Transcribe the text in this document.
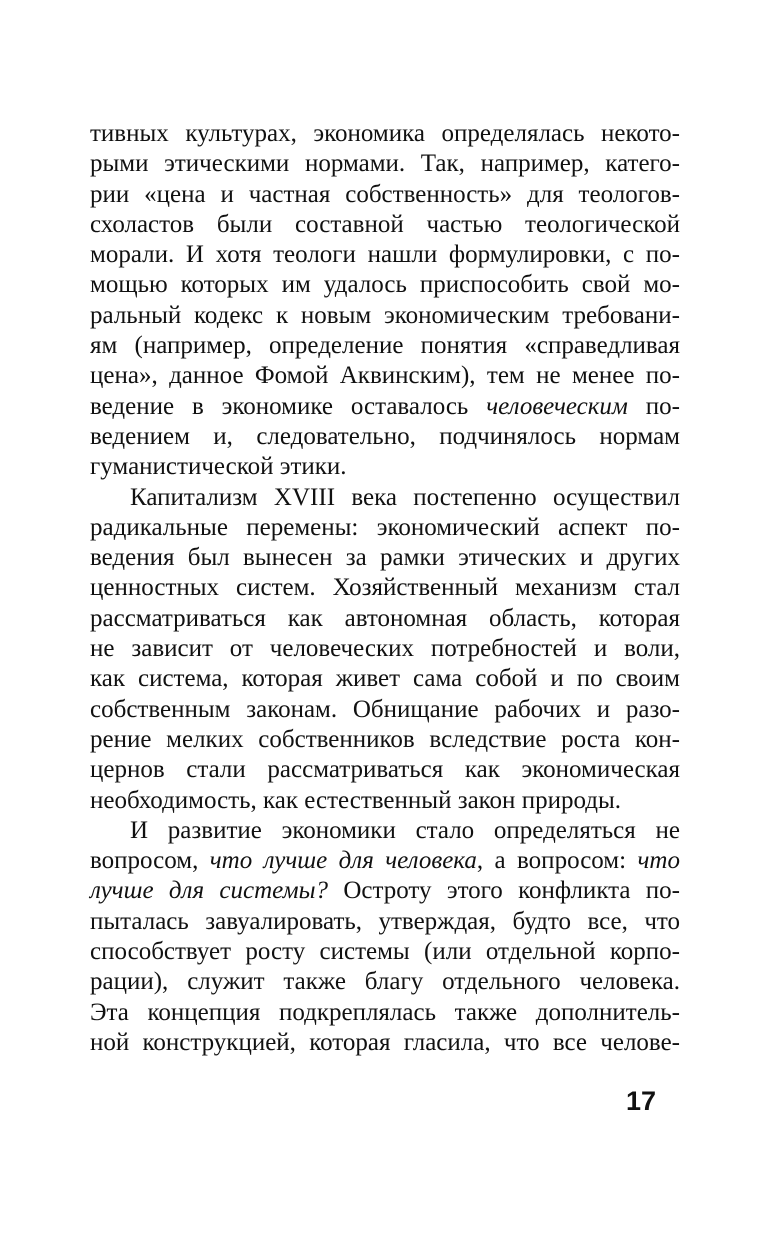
тивных культурах, экономика определялась некото-
рыми этическими нормами. Так, например, катего-
рии «цена и частная собственность» для теологов-
схоластов были составной частью теологической
морали. И хотя теологи нашли формулировки, с по-
мощью которых им удалось приспособить свой мо-
ральный кодекс к новым экономическим требовани-
ям (например, определение понятия «справедливая
цена», данное Фомой Аквинским), тем не менее по-
ведение в экономике оставалось человеческим по-
ведением и, следовательно, подчинялось нормам
гуманистической этики.
Капитализм XVIII века постепенно осуществил
радикальные перемены: экономический аспект по-
ведения был вынесен за рамки этических и других
ценностных систем. Хозяйственный механизм стал
рассматриваться как автономная область, которая
не зависит от человеческих потребностей и воли,
как система, которая живет сама собой и по своим
собственным законам. Обнищание рабочих и разо-
рение мелких собственников вследствие роста кон-
цернов стали рассматриваться как экономическая
необходимость, как естественный закон природы.
И развитие экономики стало определяться не
вопросом, что лучше для человека, а вопросом: что
лучше для системы? Остроту этого конфликта по-
пыталась завуалировать, утверждая, будто все, что
способствует росту системы (или отдельной корпо-
рации), служит также благу отдельного человека.
Эта концепция подкреплялась также дополнитель-
ной конструкцией, которая гласила, что все челове-
17
